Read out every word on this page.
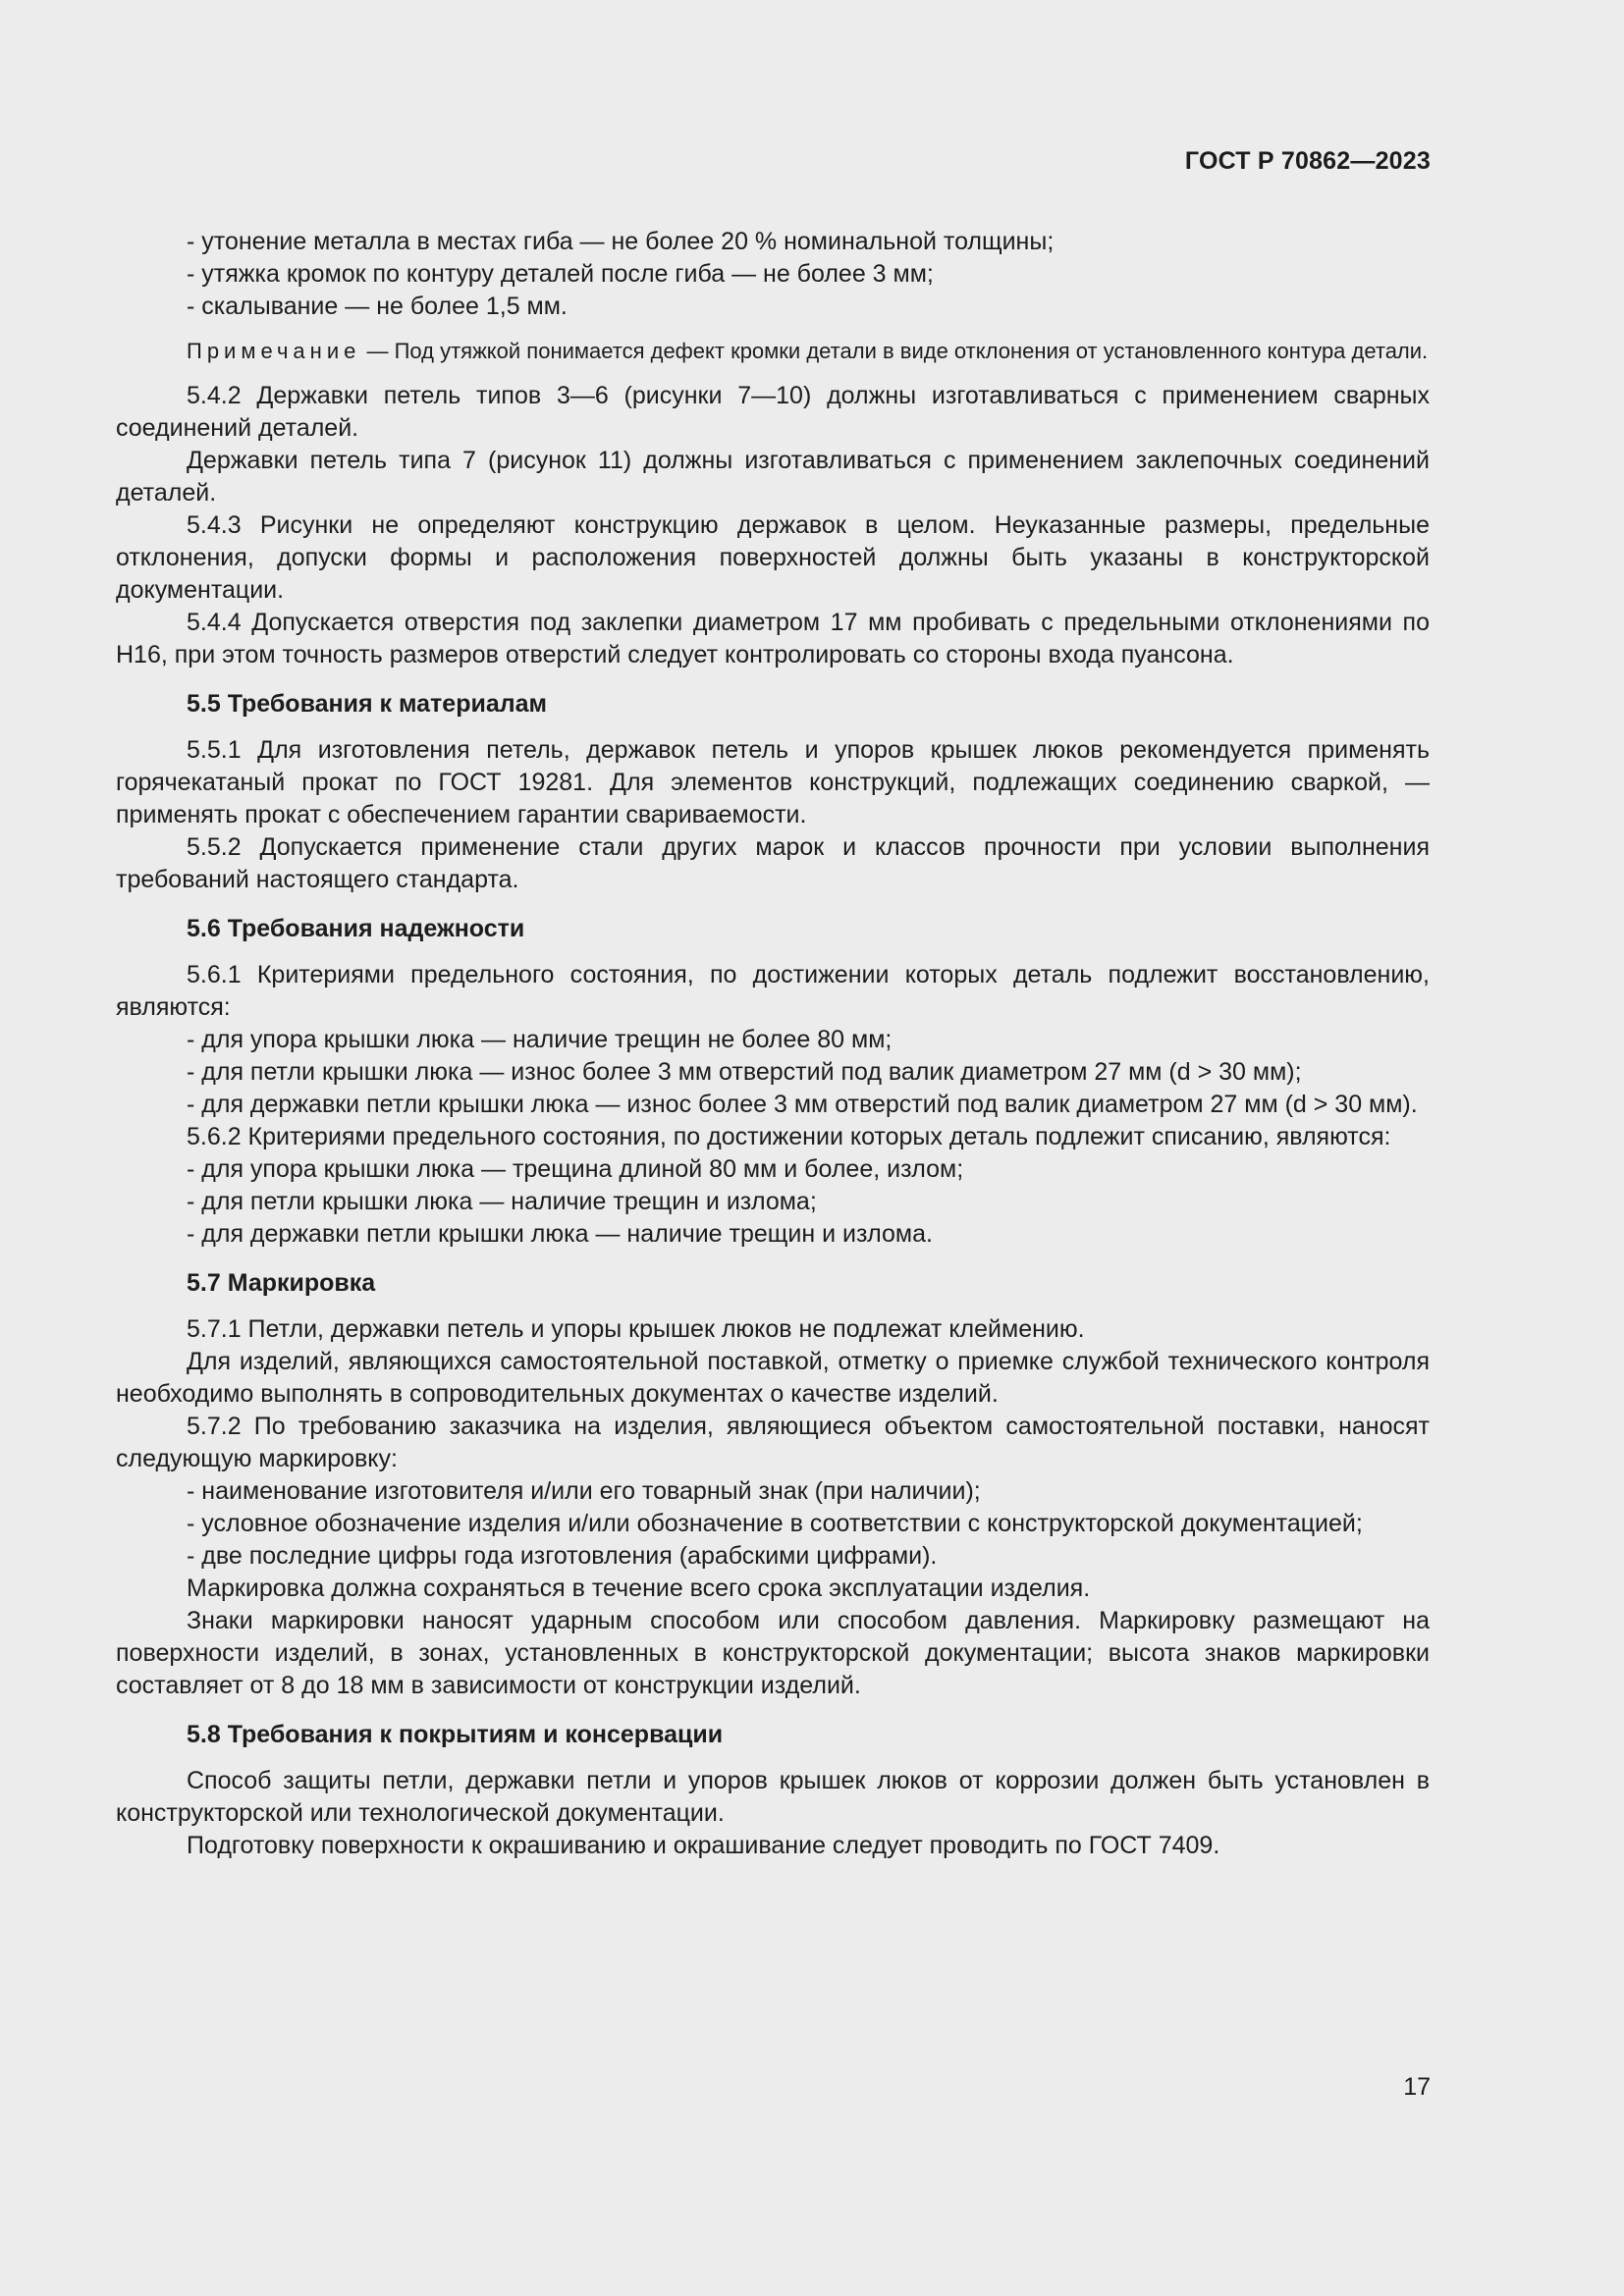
ГОСТ Р 70862—2023

- утонение металла в местах гиба — не более 20 % номинальной толщины;

- утяжка кромок по контуру деталей после гиба — не более 3 мм;

- скалывание — не более 1,5 мм.

Примечание — Под утяжкой понимается дефект кромки детали в виде отклонения от установленного контура детали.

5.4.2 Державки петель типов 3—6 (рисунки 7—10) должны изготавливаться с применением сварных соединений деталей.

Державки петель типа 7 (рисунок 11) должны изготавливаться с применением заклепочных соединений деталей.

5.4.3 Рисунки не определяют конструкцию державок в целом. Неуказанные размеры, предельные отклонения, допуски формы и расположения поверхностей должны быть указаны в конструкторской документации.

5.4.4 Допускается отверстия под заклепки диаметром 17 мм пробивать с предельными отклонениями по Н16, при этом точность размеров отверстий следует контролировать со стороны входа пуансона.

5.5 Требования к материалам

5.5.1 Для изготовления петель, державок петель и упоров крышек люков рекомендуется применять горячекатаный прокат по ГОСТ 19281. Для элементов конструкций, подлежащих соединению сваркой, — применять прокат с обеспечением гарантии свариваемости.

5.5.2 Допускается применение стали других марок и классов прочности при условии выполнения требований настоящего стандарта.

5.6 Требования надежности

5.6.1 Критериями предельного состояния, по достижении которых деталь подлежит восстановлению, являются:

- для упора крышки люка — наличие трещин не более 80 мм;

- для петли крышки люка — износ более 3 мм отверстий под валик диаметром 27 мм (d > 30 мм);

- для державки петли крышки люка — износ более 3 мм отверстий под валик диаметром 27 мм (d > 30 мм).

5.6.2 Критериями предельного состояния, по достижении которых деталь подлежит списанию, являются:

- для упора крышки люка — трещина длиной 80 мм и более, излом;

- для петли крышки люка — наличие трещин и излома;

- для державки петли крышки люка — наличие трещин и излома.

5.7 Маркировка

5.7.1 Петли, державки петель и упоры крышек люков не подлежат клеймению.

Для изделий, являющихся самостоятельной поставкой, отметку о приемке службой технического контроля необходимо выполнять в сопроводительных документах о качестве изделий.

5.7.2 По требованию заказчика на изделия, являющиеся объектом самостоятельной поставки, наносят следующую маркировку:

- наименование изготовителя и/или его товарный знак (при наличии);

- условное обозначение изделия и/или обозначение в соответствии с конструкторской документацией;

- две последние цифры года изготовления (арабскими цифрами).

Маркировка должна сохраняться в течение всего срока эксплуатации изделия.

Знаки маркировки наносят ударным способом или способом давления. Маркировку размещают на поверхности изделий, в зонах, установленных в конструкторской документации; высота знаков маркировки составляет от 8 до 18 мм в зависимости от конструкции изделий.

5.8 Требования к покрытиям и консервации

Способ защиты петли, державки петли и упоров крышек люков от коррозии должен быть установлен в конструкторской или технологической документации.

Подготовку поверхности к окрашиванию и окрашивание следует проводить по ГОСТ 7409.

17
